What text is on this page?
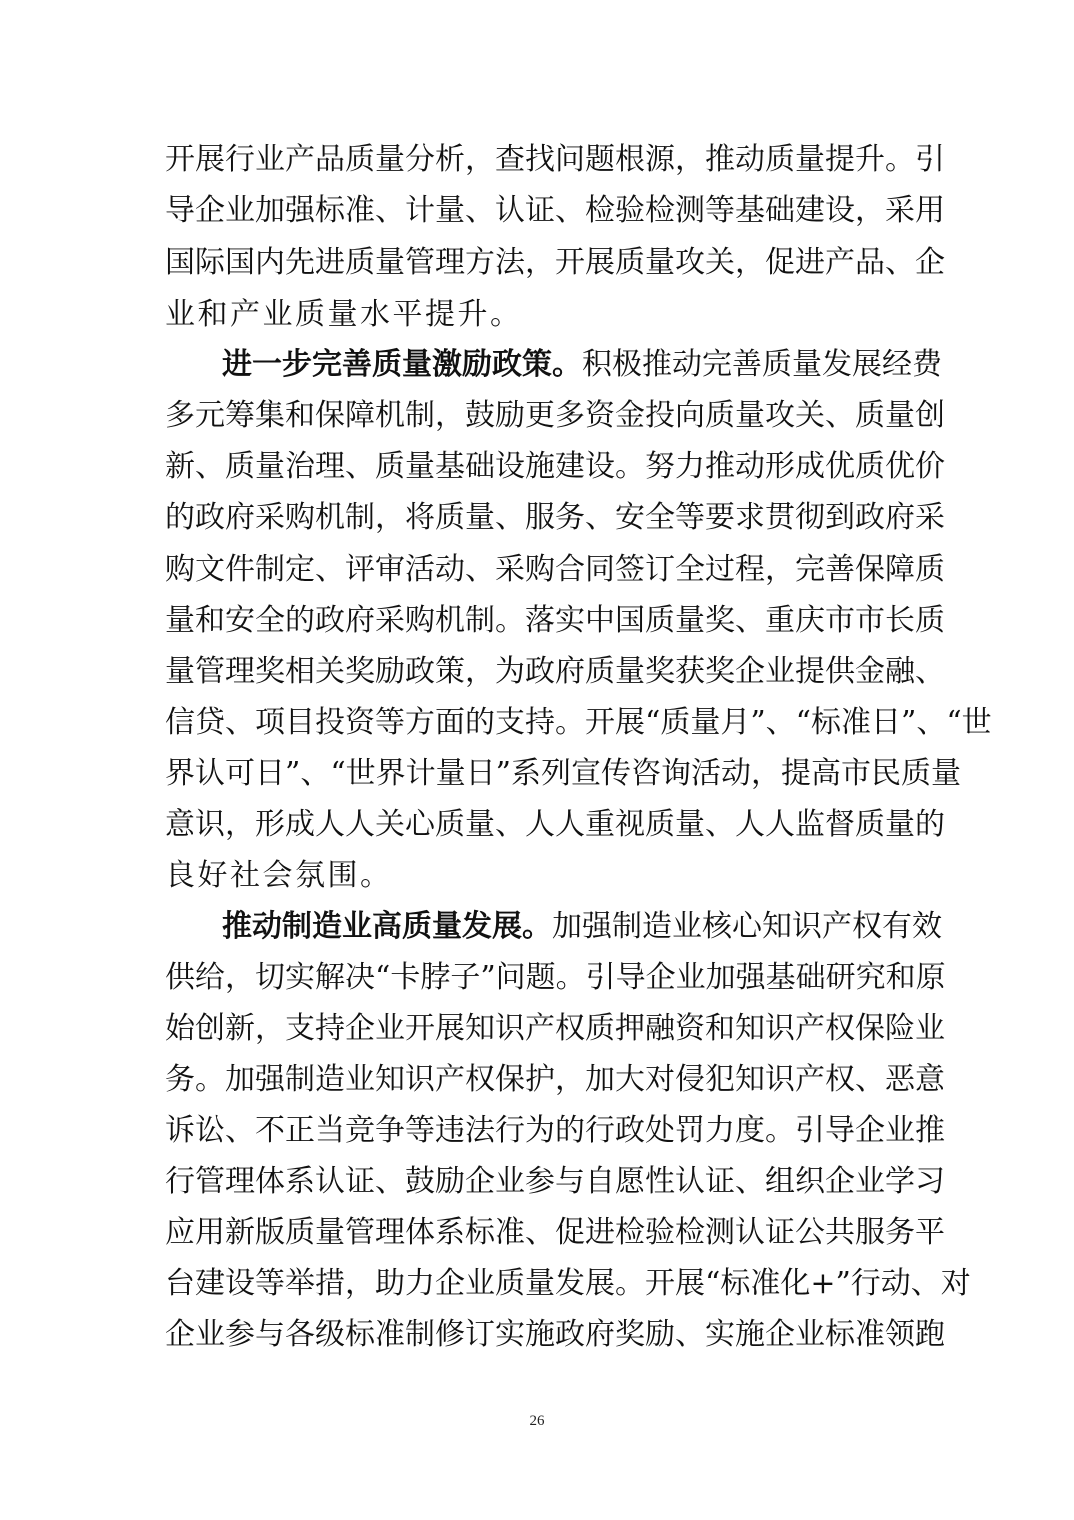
开展行业产品质量分析，查找问题根源，推动质量提升。引
导企业加强标准、计量、认证、检验检测等基础建设，采用
国际国内先进质量管理方法，开展质量攻关，促进产品、企
业和产业质量水平提升。
进一步完善质量激励政策。积极推动完善质量发展经费
多元筹集和保障机制，鼓励更多资金投向质量攻关、质量创
新、质量治理、质量基础设施建设。努力推动形成优质优价
的政府采购机制，将质量、服务、安全等要求贯彻到政府采
购文件制定、评审活动、采购合同签订全过程，完善保障质
量和安全的政府采购机制。落实中国质量奖、重庆市市长质
量管理奖相关奖励政策，为政府质量奖获奖企业提供金融、
信贷、项目投资等方面的支持。开展“质量月”、“标准日”、“世
界认可日”、“世界计量日”系列宣传咨询活动，提高市民质量
意识，形成人人关心质量、人人重视质量、人人监督质量的
良好社会氛围。
推动制造业高质量发展。加强制造业核心知识产权有效
供给，切实解决“卡脖子”问题。引导企业加强基础研究和原
始创新，支持企业开展知识产权质押融资和知识产权保险业
务。加强制造业知识产权保护，加大对侵犯知识产权、恶意
诉讼、不正当竞争等违法行为的行政处罚力度。引导企业推
行管理体系认证、鼓励企业参与自愿性认证、组织企业学习
应用新版质量管理体系标准、促进检验检测认证公共服务平
台建设等举措，助力企业质量发展。开展“标准化+”行动、对
企业参与各级标准制修订实施政府奖励、实施企业标准领跑
26
